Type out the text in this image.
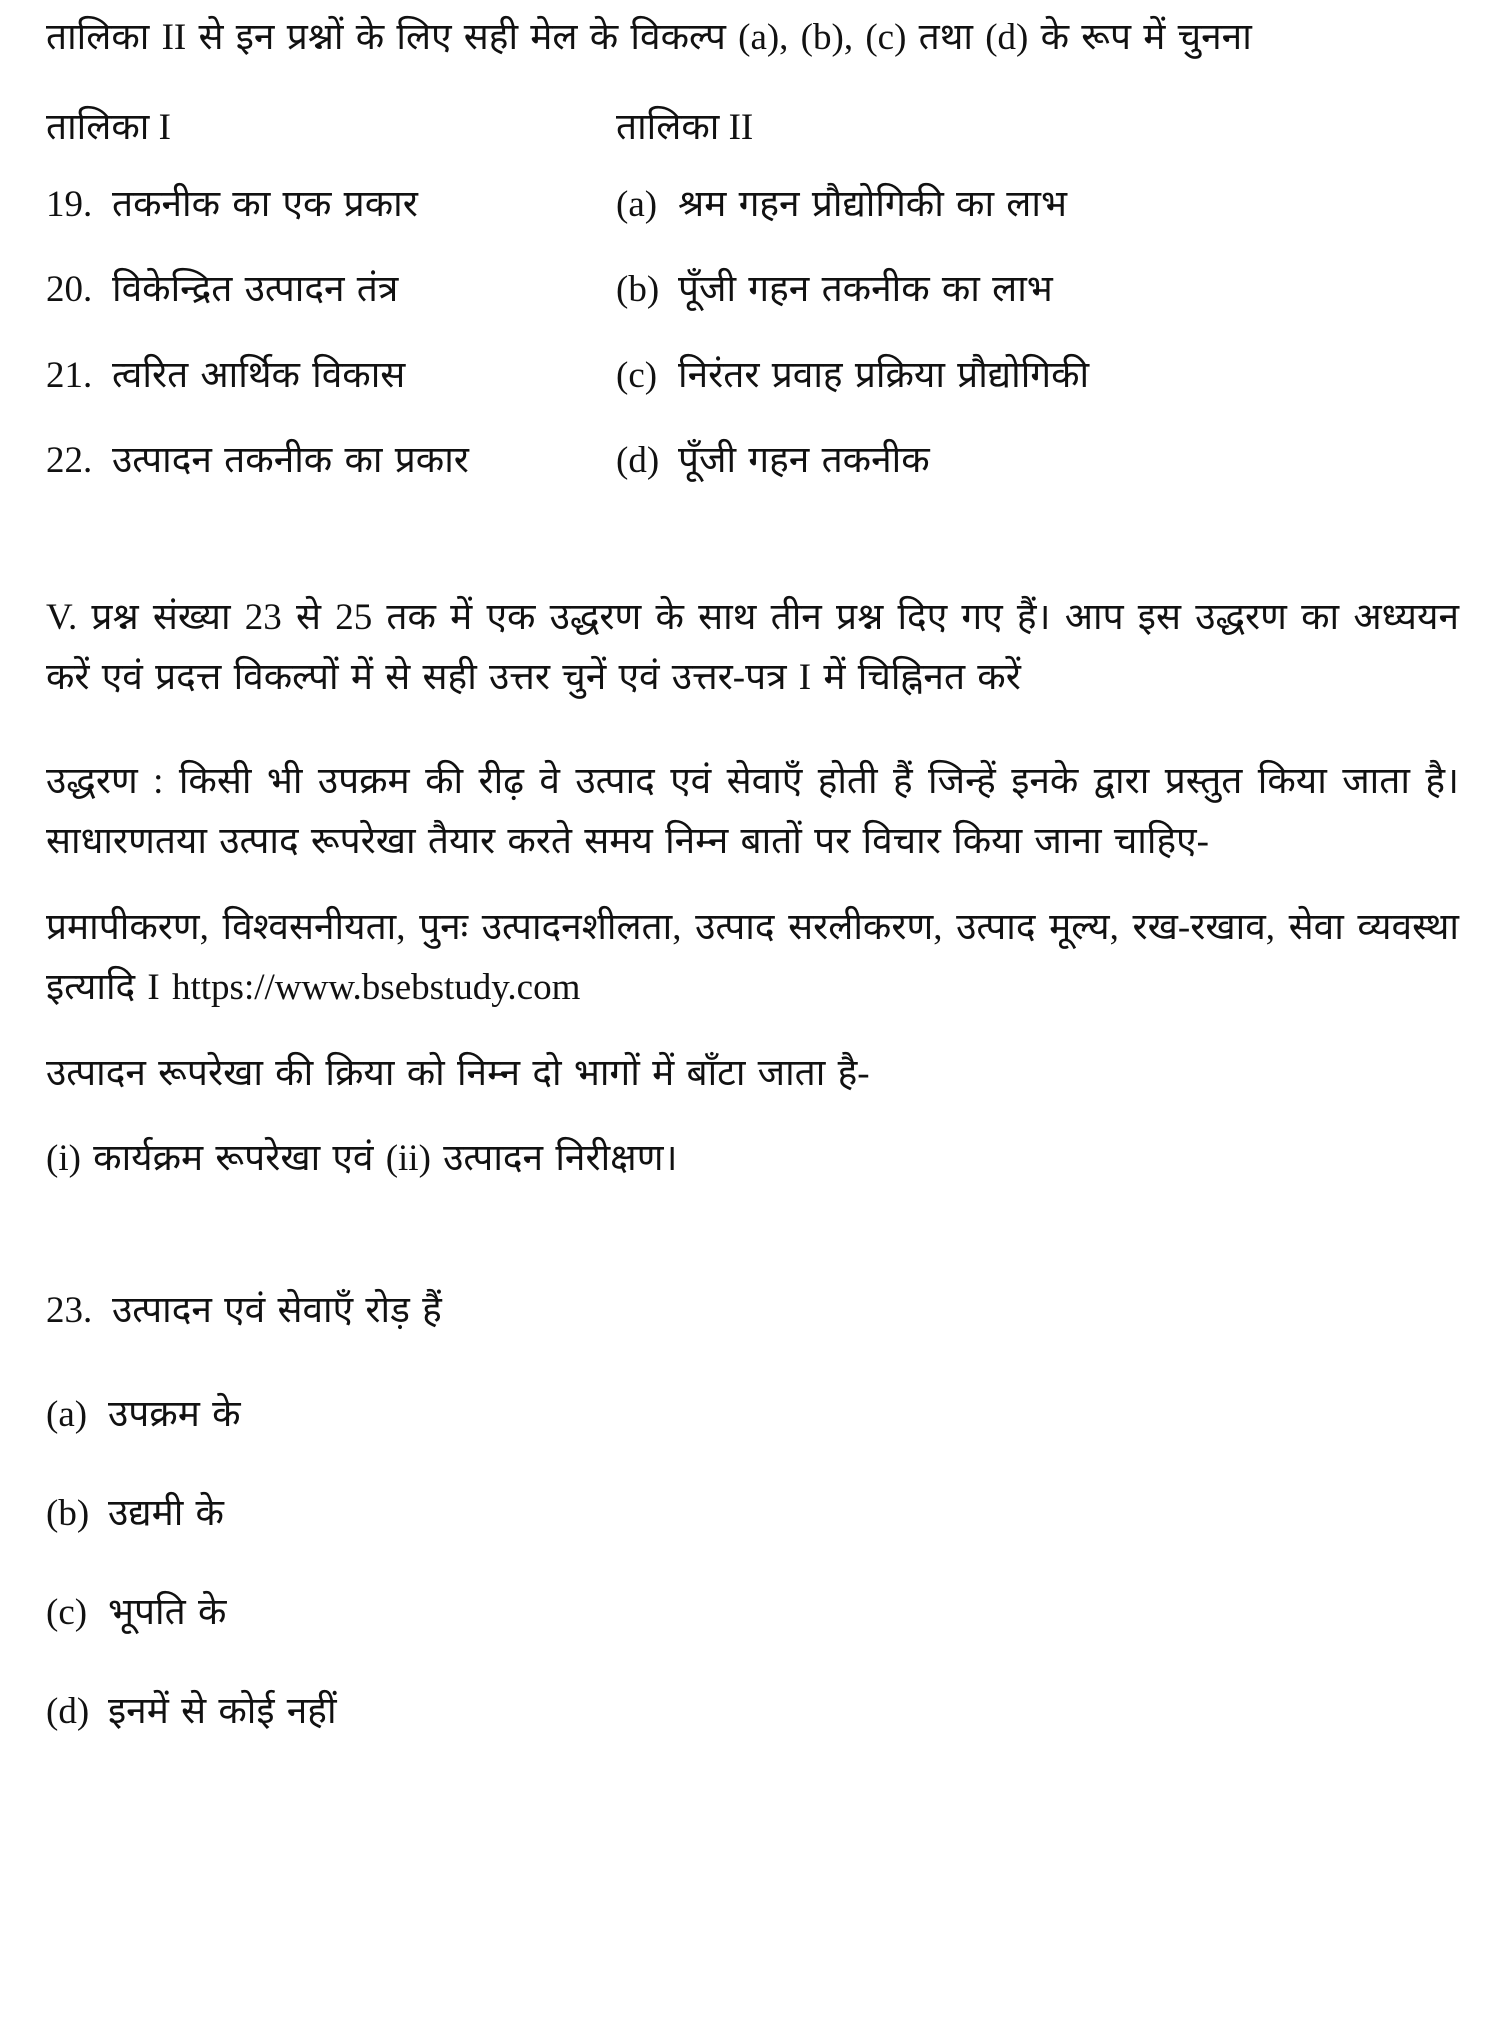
तालिका II से इन प्रश्नों के लिए सही मेल के विकल्प (a), (b), (c) तथा (d) के रूप में चुनना

तालिका I	तालिका II
19. तकनीक का एक प्रकार	(a) श्रम गहन प्रौद्योगिकी का लाभ
20. विकेन्द्रित उत्पादन तंत्र	(b) पूँजी गहन तकनीक का लाभ
21. त्वरित आर्थिक विकास	(c) निरंतर प्रवाह प्रक्रिया प्रौद्योगिकी
22. उत्पादन तकनीक का प्रकार	(d) पूँजी गहन तकनीक

V. प्रश्न संख्या 23 से 25 तक में एक उद्धरण के साथ तीन प्रश्न दिए गए हैं। आप इस उद्धरण का अध्ययन करें एवं प्रदत्त विकल्पों में से सही उत्तर चुनें एवं उत्तर-पत्र I में चिह्निनत करें

उद्धरण : किसी भी उपक्रम की रीढ़ वे उत्पाद एवं सेवाएँ होती हैं जिन्हें इनके द्वारा प्रस्तुत किया जाता है। साधारणतया उत्पाद रूपरेखा तैयार करते समय निम्न बातों पर विचार किया जाना चाहिए-

प्रमापीकरण, विश्वसनीयता, पुनः उत्पादनशीलता, उत्पाद सरलीकरण, उत्पाद मूल्य, रख-रखाव, सेवा व्यवस्था इत्यादि I https://www.bsebstudy.com

उत्पादन रूपरेखा की क्रिया को निम्न दो भागों में बाँटा जाता है-

(i) कार्यक्रम रूपरेखा एवं (ii) उत्पादन निरीक्षण।

23. उत्पादन एवं सेवाएँ रोड़ हैं
(a) उपक्रम के
(b) उद्यमी के
(c) भूपति के
(d) इनमें से कोई नहीं
